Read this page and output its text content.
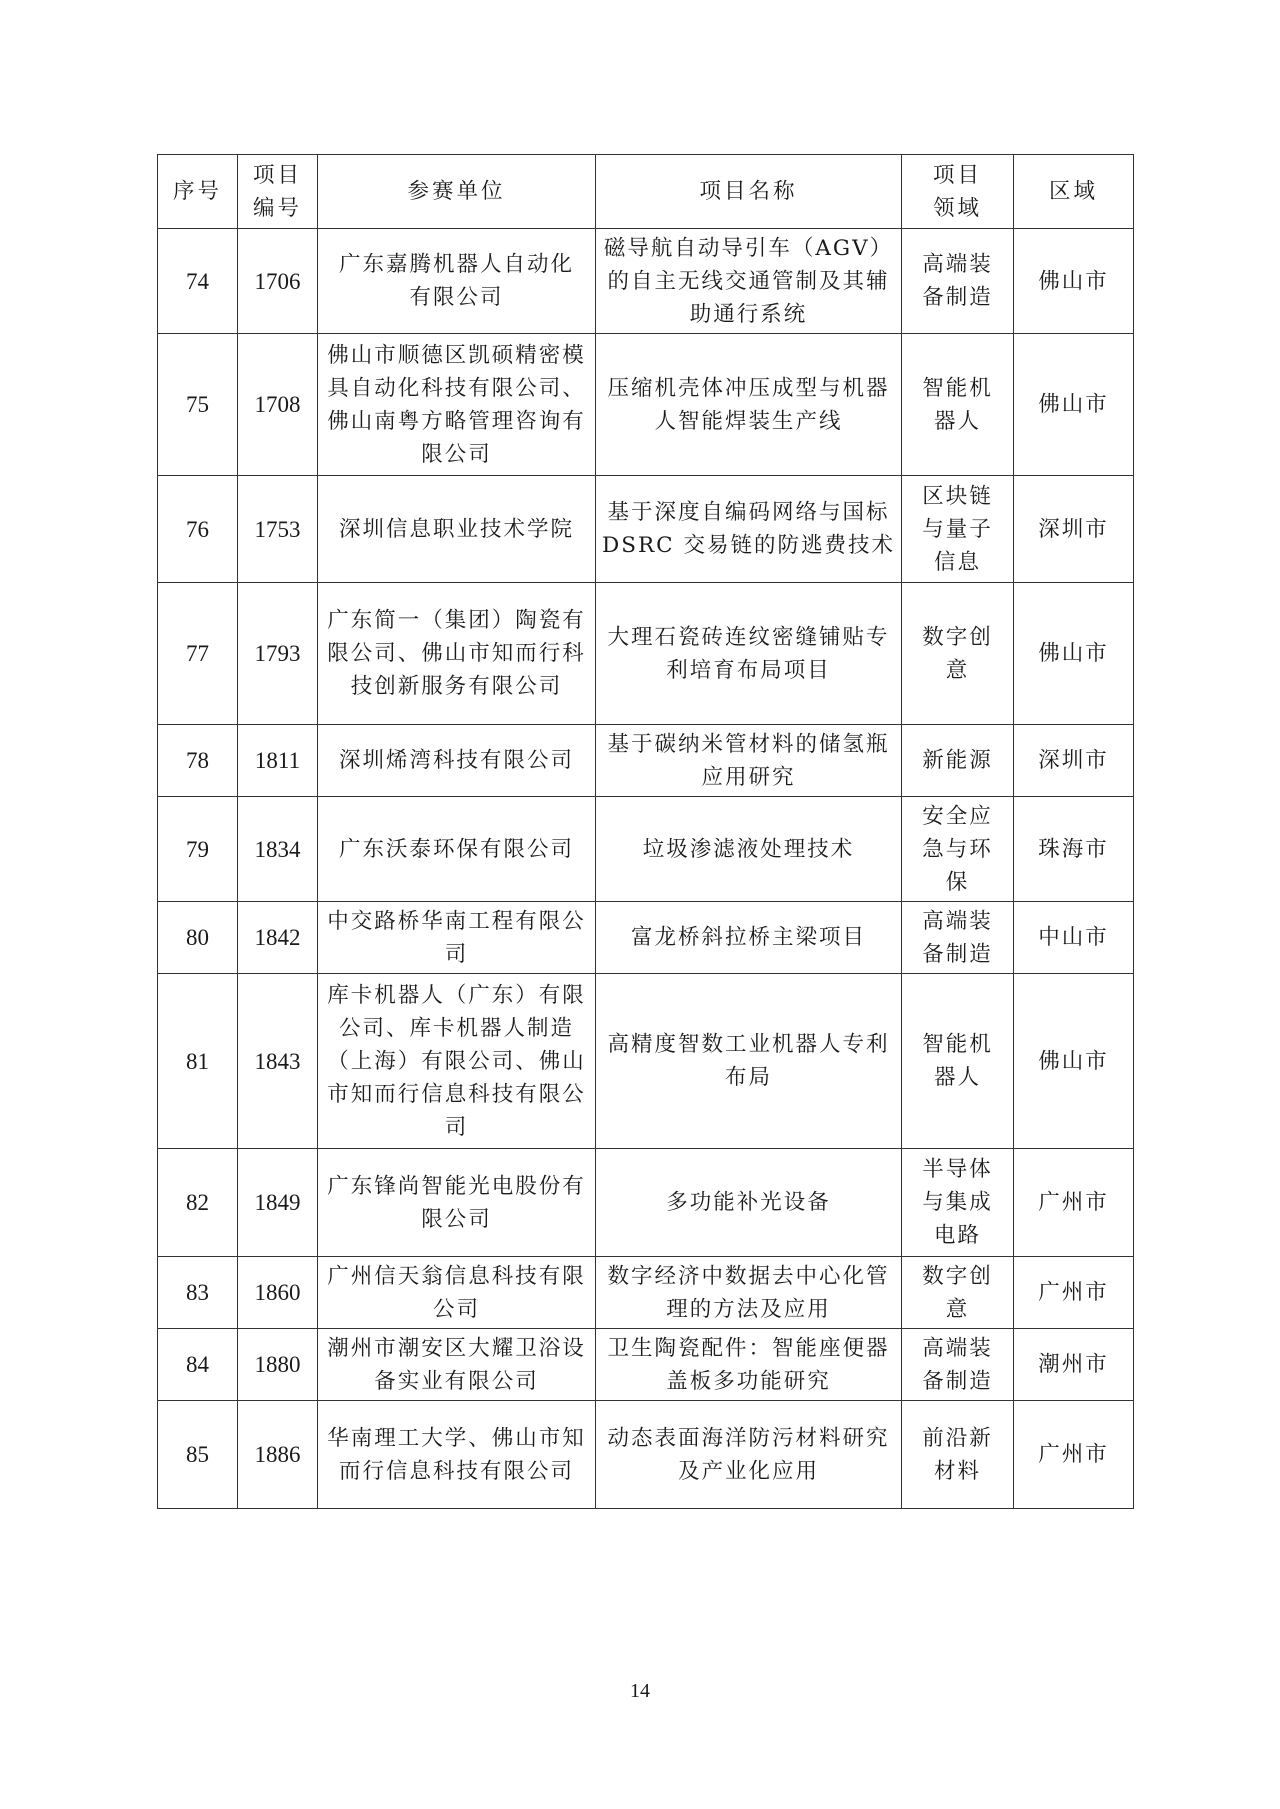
序号	项目编号	参赛单位	项目名称	项目领域	区域
74	1706	广东嘉腾机器人自动化有限公司	磁导航自动导引车（AGV）的自主无线交通管制及其辅助通行系统	高端装备制造	佛山市
75	1708	佛山市顺德区凯硕精密模具自动化科技有限公司、佛山南粤方略管理咨询有限公司	压缩机壳体冲压成型与机器人智能焊装生产线	智能机器人	佛山市
76	1753	深圳信息职业技术学院	基于深度自编码网络与国标 DSRC 交易链的防逃费技术	区块链与量子信息	深圳市
77	1793	广东简一（集团）陶瓷有限公司、佛山市知而行科技创新服务有限公司	大理石瓷砖连纹密缝铺贴专利培育布局项目	数字创意	佛山市
78	1811	深圳烯湾科技有限公司	基于碳纳米管材料的储氢瓶应用研究	新能源	深圳市
79	1834	广东沃泰环保有限公司	垃圾渗滤液处理技术	安全应急与环保	珠海市
80	1842	中交路桥华南工程有限公司	富龙桥斜拉桥主梁项目	高端装备制造	中山市
81	1843	库卡机器人（广东）有限公司、库卡机器人制造（上海）有限公司、佛山市知而行信息科技有限公司	高精度智数工业机器人专利布局	智能机器人	佛山市
82	1849	广东锋尚智能光电股份有限公司	多功能补光设备	半导体与集成电路	广州市
83	1860	广州信天翁信息科技有限公司	数字经济中数据去中心化管理的方法及应用	数字创意	广州市
84	1880	潮州市潮安区大耀卫浴设备实业有限公司	卫生陶瓷配件：智能座便器盖板多功能研究	高端装备制造	潮州市
85	1886	华南理工大学、佛山市知而行信息科技有限公司	动态表面海洋防污材料研究及产业化应用	前沿新材料	广州市
14
